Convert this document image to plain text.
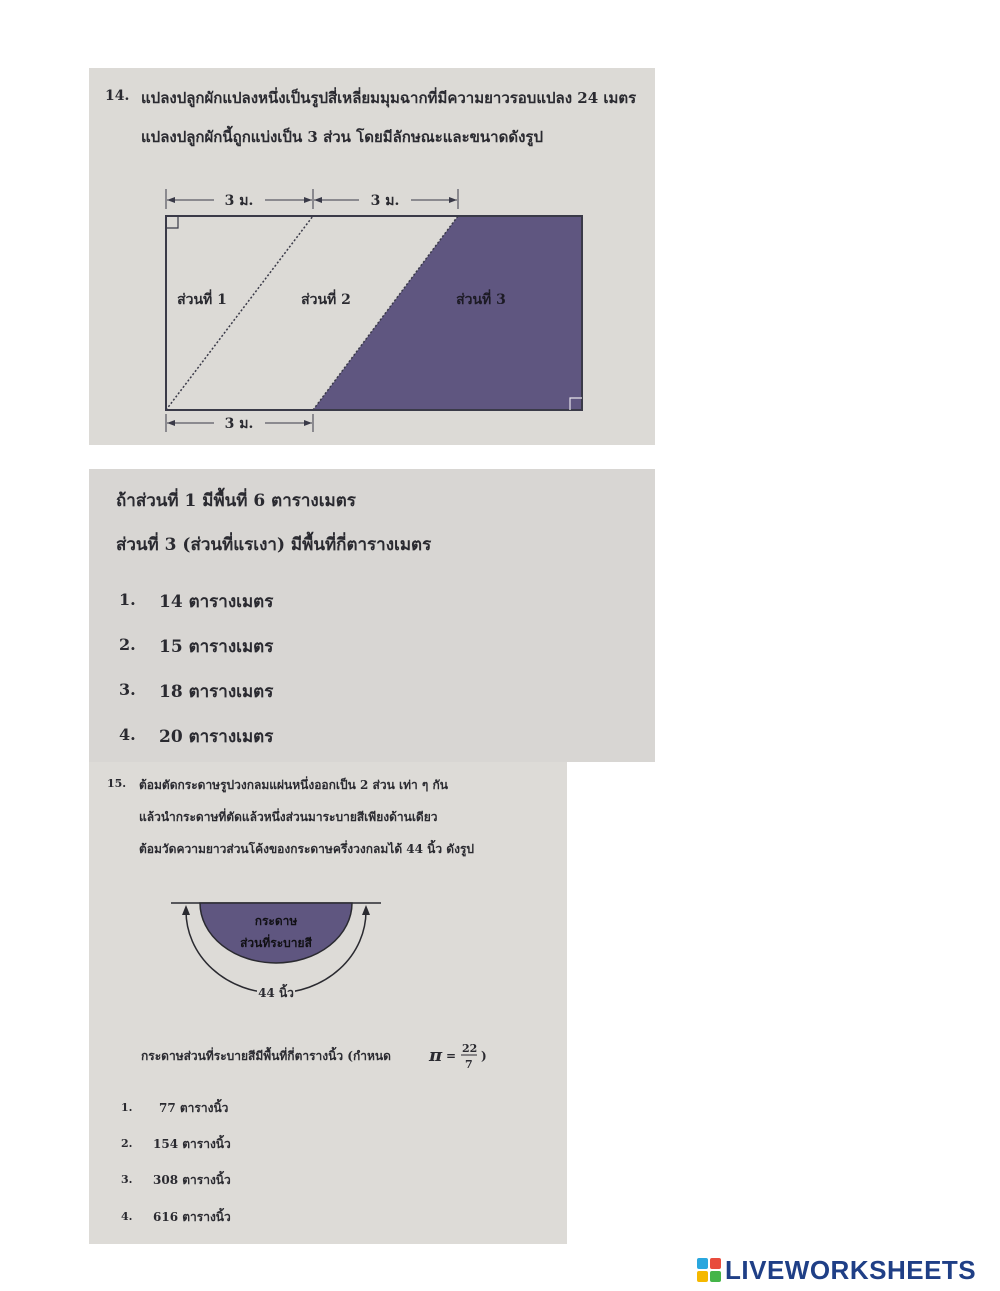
14. แปลงปลูกผักแปลงหนึ่งเป็นรูปสี่เหลี่ยมมุมฉากที่มีความยาวรอบแปลง 24 เมตร
แปลงปลูกผักนี้ถูกแบ่งเป็น 3 ส่วน โดยมีลักษณะและขนาดดังรูป
3 ม.	3 ม.
3 ม.
ส่วนที่ 1	ส่วนที่ 2	ส่วนที่ 3
ถ้าส่วนที่ 1 มีพื้นที่ 6 ตารางเมตร
ส่วนที่ 3 (ส่วนที่แรเงา) มีพื้นที่กี่ตารางเมตร
1. 14 ตารางเมตร
2. 15 ตารางเมตร
3. 18 ตารางเมตร
4. 20 ตารางเมตร
15. ต้อมตัดกระดาษรูปวงกลมแผ่นหนึ่งออกเป็น 2 ส่วน เท่า ๆ กัน
แล้วนำกระดาษที่ตัดแล้วหนึ่งส่วนมาระบายสีเพียงด้านเดียว
ต้อมวัดความยาวส่วนโค้งของกระดาษครึ่งวงกลมได้ 44 นิ้ว ดังรูป
กระดาษ
ส่วนที่ระบายสี
44 นิ้ว
กระดาษส่วนที่ระบายสีมีพื้นที่กี่ตารางนิ้ว (กำหนด π =
22
7
)
1. 77 ตารางนิ้ว
2. 154 ตารางนิ้ว
3. 308 ตารางนิ้ว
4. 616 ตารางนิ้ว
LIVEWORKSHEETS
